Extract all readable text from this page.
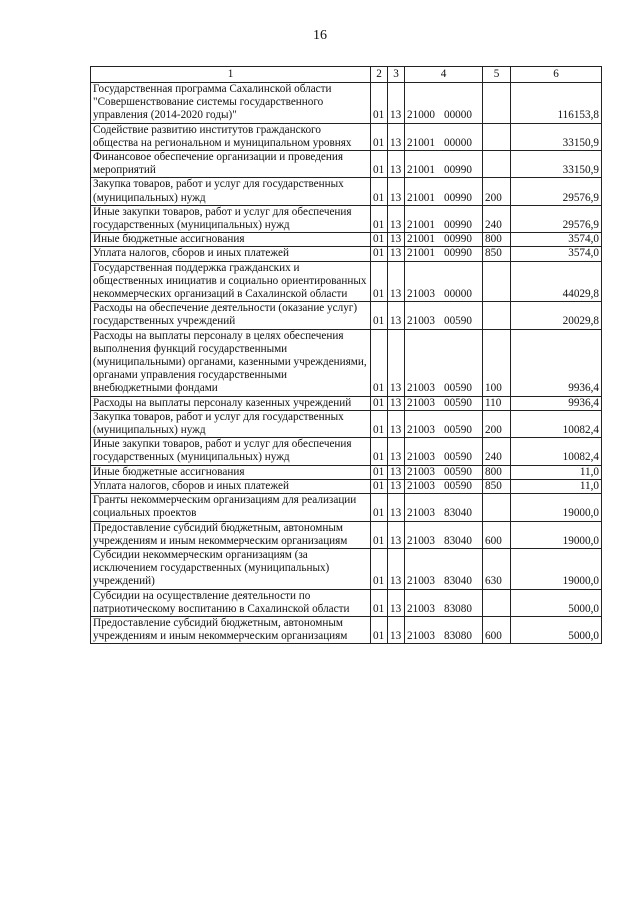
16
1	2	3	4	5	6
Государственная программа Сахалинской области "Совершенствование системы государственного управления (2014-2020 годы)"	01	13	21000 00000		116153,8
Содействие развитию институтов гражданского общества на региональном и муниципальном уровнях	01	13	21001 00000		33150,9
Финансовое обеспечение организации и проведения мероприятий	01	13	21001 00990		33150,9
Закупка товаров, работ и услуг для государственных (муниципальных) нужд	01	13	21001 00990	200	29576,9
Иные закупки товаров, работ и услуг для обеспечения государственных (муниципальных) нужд	01	13	21001 00990	240	29576,9
Иные бюджетные ассигнования	01	13	21001 00990	800	3574,0
Уплата налогов, сборов и иных платежей	01	13	21001 00990	850	3574,0
Государственная поддержка гражданских и общественных инициатив и социально ориентированных некоммерческих организаций в Сахалинской области	01	13	21003 00000		44029,8
Расходы на обеспечение деятельности (оказание услуг) государственных учреждений	01	13	21003 00590		20029,8
Расходы на выплаты персоналу в целях обеспечения выполнения функций государственными (муниципальными) органами, казенными учреждениями, органами управления государственными внебюджетными фондами	01	13	21003 00590	100	9936,4
Расходы на выплаты персоналу казенных учреждений	01	13	21003 00590	110	9936,4
Закупка товаров, работ и услуг для государственных (муниципальных) нужд	01	13	21003 00590	200	10082,4
Иные закупки товаров, работ и услуг для обеспечения государственных (муниципальных) нужд	01	13	21003 00590	240	10082,4
Иные бюджетные ассигнования	01	13	21003 00590	800	11,0
Уплата налогов, сборов и иных платежей	01	13	21003 00590	850	11,0
Гранты некоммерческим организациям для реализации социальных проектов	01	13	21003 83040		19000,0
Предоставление субсидий бюджетным, автономным учреждениям и иным некоммерческим организациям	01	13	21003 83040	600	19000,0
Субсидии некоммерческим организациям (за исключением государственных (муниципальных) учреждений)	01	13	21003 83040	630	19000,0
Субсидии на осуществление деятельности по патриотическому воспитанию в Сахалинской области	01	13	21003 83080		5000,0
Предоставление субсидий бюджетным, автономным учреждениям и иным некоммерческим организациям	01	13	21003 83080	600	5000,0
